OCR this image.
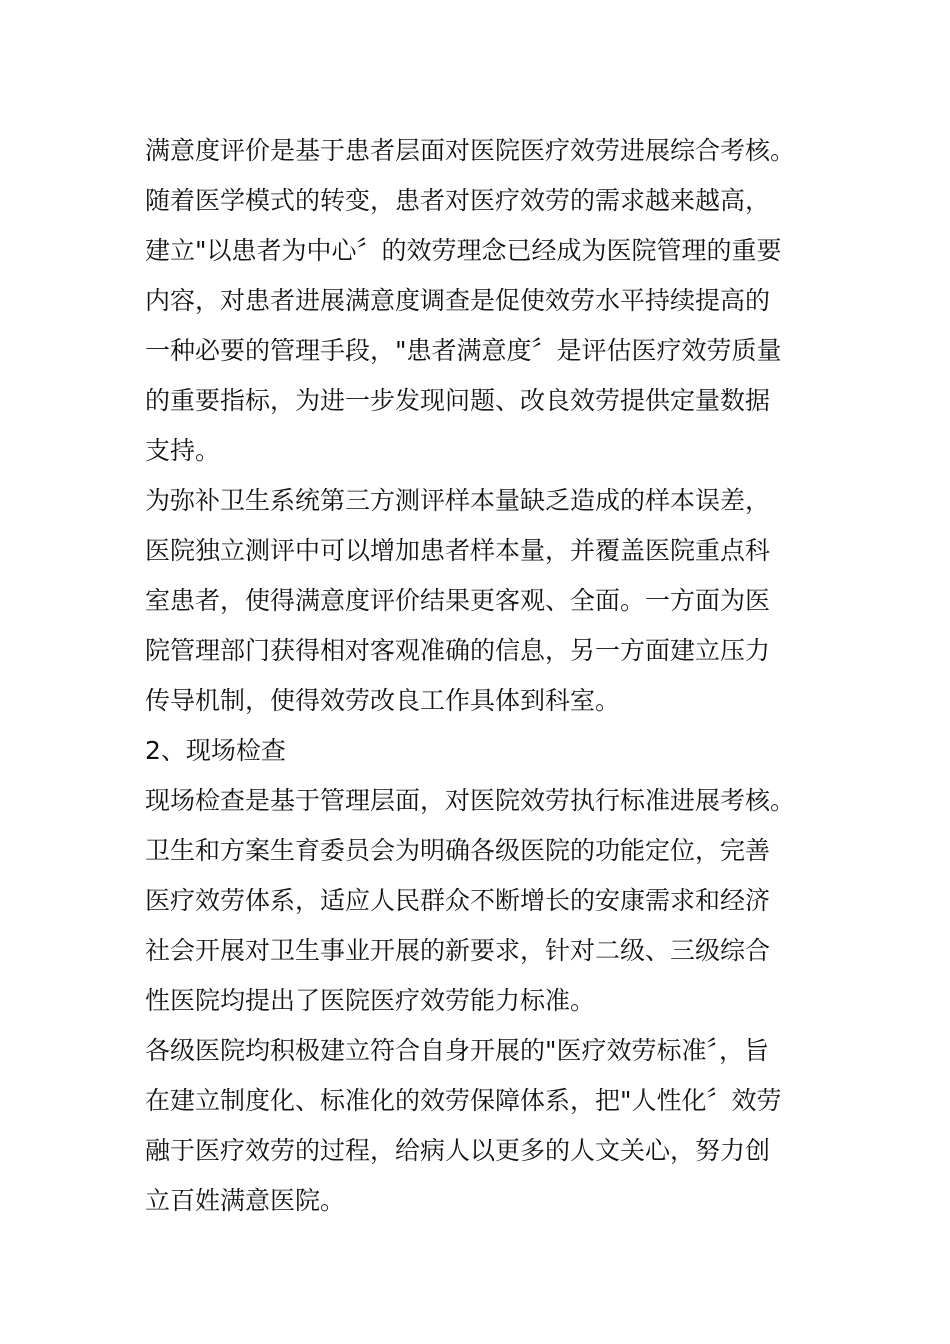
满意度评价是基于患者层面对医院医疗效劳进展综合考核。
随着医学模式的转变，患者对医疗效劳的需求越来越高，
建立"以患者为中心〞的效劳理念已经成为医院管理的重要
内容，对患者进展满意度调查是促使效劳水平持续提高的
一种必要的管理手段，"患者满意度〞是评估医疗效劳质量
的重要指标，为进一步发现问题、改良效劳提供定量数据
支持。
为弥补卫生系统第三方测评样本量缺乏造成的样本误差，
医院独立测评中可以增加患者样本量，并覆盖医院重点科
室患者，使得满意度评价结果更客观、全面。一方面为医
院管理部门获得相对客观准确的信息，另一方面建立压力
传导机制，使得效劳改良工作具体到科室。
2、现场检查
现场检查是基于管理层面，对医院效劳执行标准进展考核。
卫生和方案生育委员会为明确各级医院的功能定位，完善
医疗效劳体系，适应人民群众不断增长的安康需求和经济
社会开展对卫生事业开展的新要求，针对二级、三级综合
性医院均提出了医院医疗效劳能力标准。
各级医院均积极建立符合自身开展的"医疗效劳标准〞，旨
在建立制度化、标准化的效劳保障体系，把"人性化〞效劳
融于医疗效劳的过程，给病人以更多的人文关心，努力创
立百姓满意医院。
